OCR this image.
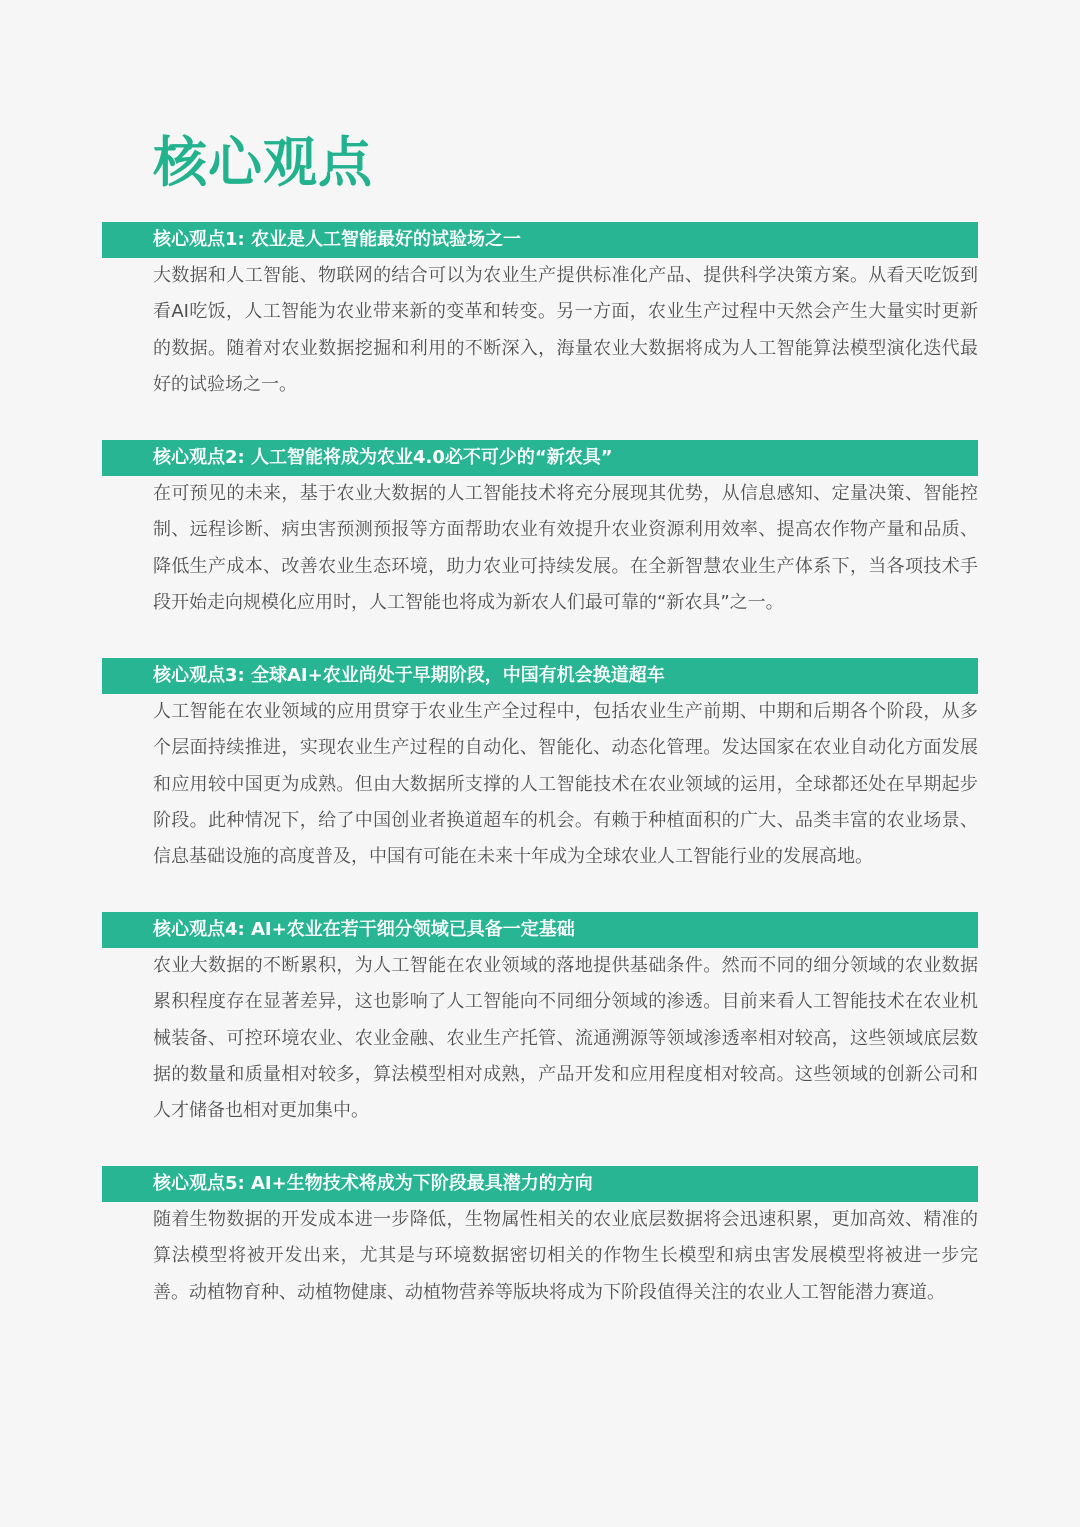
核心观点
核心观点1: 农业是人工智能最好的试验场之一

大数据和人工智能、物联网的结合可以为农业生产提供标准化产品、提供科学决策方案。从看天吃饭到看AI吃饭，人工智能为农业带来新的变革和转变。另一方面，农业生产过程中天然会产生大量实时更新的数据。随着对农业数据挖掘和利用的不断深入，海量农业大数据将成为人工智能算法模型演化迭代最好的试验场之一。

核心观点2: 人工智能将成为农业4.0必不可少的“新农具”

在可预见的未来，基于农业大数据的人工智能技术将充分展现其优势，从信息感知、定量决策、智能控制、远程诊断、病虫害预测预报等方面帮助农业有效提升农业资源利用效率、提高农作物产量和品质、降低生产成本、改善农业生态环境，助力农业可持续发展。在全新智慧农业生产体系下，当各项技术手段开始走向规模化应用时，人工智能也将成为新农人们最可靠的“新农具”之一。

核心观点3: 全球AI+农业尚处于早期阶段，中国有机会换道超车

人工智能在农业领域的应用贯穿于农业生产全过程中，包括农业生产前期、中期和后期各个阶段，从多个层面持续推进，实现农业生产过程的自动化、智能化、动态化管理。发达国家在农业自动化方面发展和应用较中国更为成熟。但由大数据所支撑的人工智能技术在农业领域的运用，全球都还处在早期起步阶段。此种情况下，给了中国创业者换道超车的机会。有赖于种植面积的广大、品类丰富的农业场景、信息基础设施的高度普及，中国有可能在未来十年成为全球农业人工智能行业的发展高地。

核心观点4: AI+农业在若干细分领域已具备一定基础

农业大数据的不断累积，为人工智能在农业领域的落地提供基础条件。然而不同的细分领域的农业数据累积程度存在显著差异，这也影响了人工智能向不同细分领域的渗透。目前来看人工智能技术在农业机械装备、可控环境农业、农业金融、农业生产托管、流通溯源等领域渗透率相对较高，这些领域底层数据的数量和质量相对较多，算法模型相对成熟，产品开发和应用程度相对较高。这些领域的创新公司和人才储备也相对更加集中。

核心观点5: AI+生物技术将成为下阶段最具潜力的方向

随着生物数据的开发成本进一步降低，生物属性相关的农业底层数据将会迅速积累，更加高效、精准的算法模型将被开发出来，尤其是与环境数据密切相关的作物生长模型和病虫害发展模型将被进一步完善。动植物育种、动植物健康、动植物营养等版块将成为下阶段值得关注的农业人工智能潜力赛道。
